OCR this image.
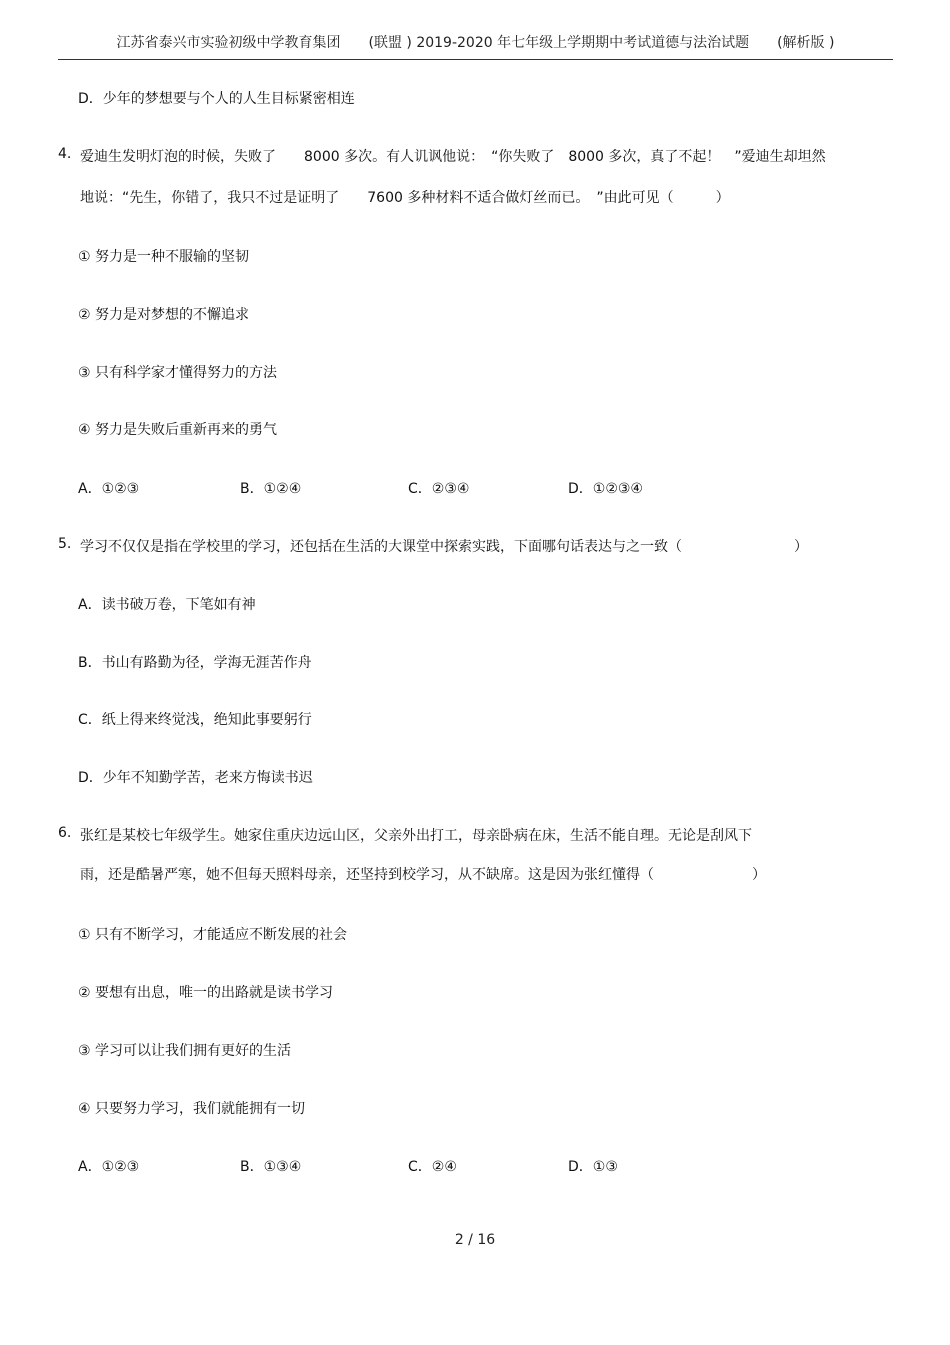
江苏省泰兴市实验初级中学教育集团　　(联盟 ) 2019-2020 年七年级上学期期中考试道德与法治试题　　(解析版 )
D．少年的梦想要与个人的人生目标紧密相连
4. 爱迪生发明灯泡的时候，失败了　　8000 多次。有人讥讽他说：　“你失败了　8000 多次，真了不起！　”爱迪生却坦然
地说：“先生，你错了，我只不过是证明了　　7600 多种材料不适合做灯丝而已。　”由此可见（　　　）
① 努力是一种不服输的坚韧
② 努力是对梦想的不懈追求
③ 只有科学家才懂得努力的方法
④ 努力是失败后重新再来的勇气
A．①②③	B．①②④	C．②③④	D．①②③④
5. 学习不仅仅是指在学校里的学习，还包括在生活的大课堂中探索实践，下面哪句话表达与之一致（　　　　　　　　）
A．读书破万卷，下笔如有神
B．书山有路勤为径，学海无涯苦作舟
C．纸上得来终觉浅，绝知此事要躬行
D．少年不知勤学苦，老来方悔读书迟
6. 张红是某校七年级学生。她家住重庆边远山区，父亲外出打工，母亲卧病在床，生活不能自理。无论是刮风下
雨，还是酷暑严寒，她不但每天照料母亲，还坚持到校学习，从不缺席。这是因为张红懂得（　　　　　　　）
① 只有不断学习，才能适应不断发展的社会
② 要想有出息，唯一的出路就是读书学习
③ 学习可以让我们拥有更好的生活
④ 只要努力学习，我们就能拥有一切
A．①②③	B．①③④	C．②④	D．①③
2 / 16
